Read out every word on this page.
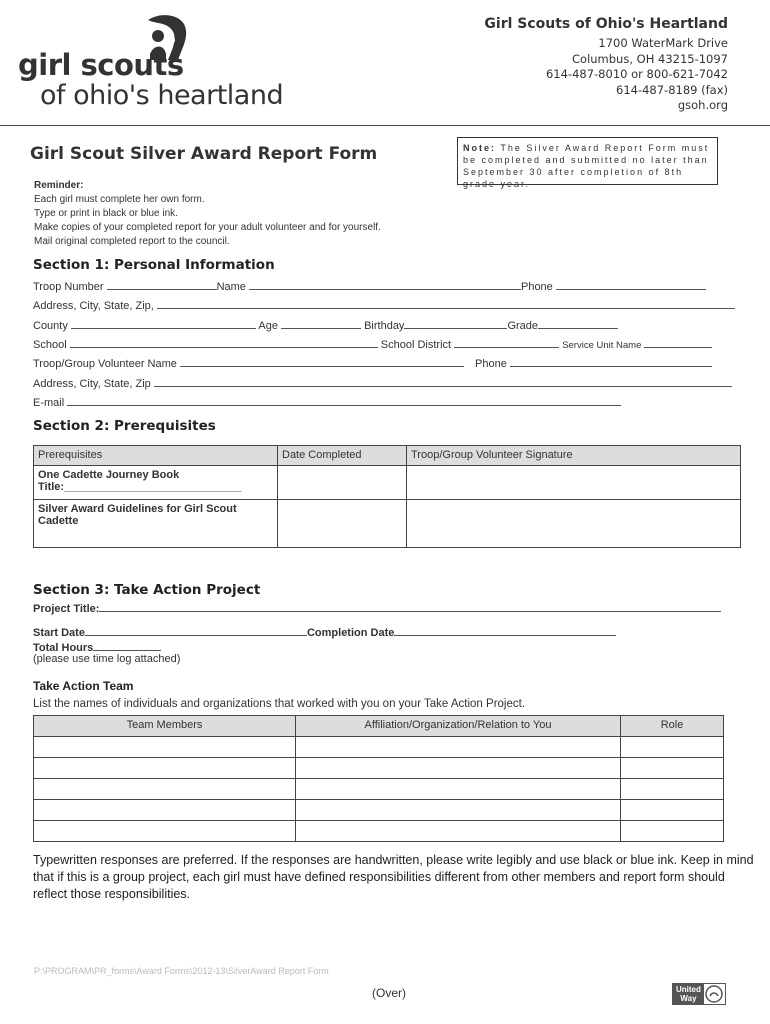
girl scouts
of ohio's heartland
Girl Scouts of Ohio's Heartland
1700 WaterMark Drive
Columbus, OH 43215-1097
614-487-8010 or 800-621-7042
614-487-8189 (fax)
gsoh.org
Girl Scout Silver Award Report Form	Note: The Silver Award Report Form must be completed and submitted no later than September 30 after completion of 8th grade year.
Reminder:
Each girl must complete her own form.
Type or print in black or blue ink.
Make copies of your completed report for your adult volunteer and for yourself.
Mail original completed report to the council.
Section 1: Personal Information
Troop Number	Name	Phone
Address, City, State, Zip,
County	Age	Birthday	Grade
School	School District	Service Unit Name
Troop/Group Volunteer Name	Phone
Address, City, State, Zip
E-mail
Section 2: Prerequisites
Prerequisites	Date Completed	Troop/Group Volunteer Signature

One Cadette Journey Book
Title:_____________________________		

Silver Award Guidelines for Girl Scout
Cadette		

Section 3: Take Action Project
Project Title:
Start Date	Completion Date
Total Hours
(please use time log attached)
Take Action Team
List the names of individuals and organizations that worked with you on your Take Action Project.
Team Members	Affiliation/Organization/Relation to You	Role

Typewritten responses are preferred. If the responses are handwritten, please write legibly and use black or blue ink. Keep in mind that if this is a group project, each girl must have defined responsibilities different from other members and report form should reflect those responsibilities.
P:\PROGRAM\PR_forms\Award Forms\2012-13\SilverAward Report Form
(Over)	United
Way
